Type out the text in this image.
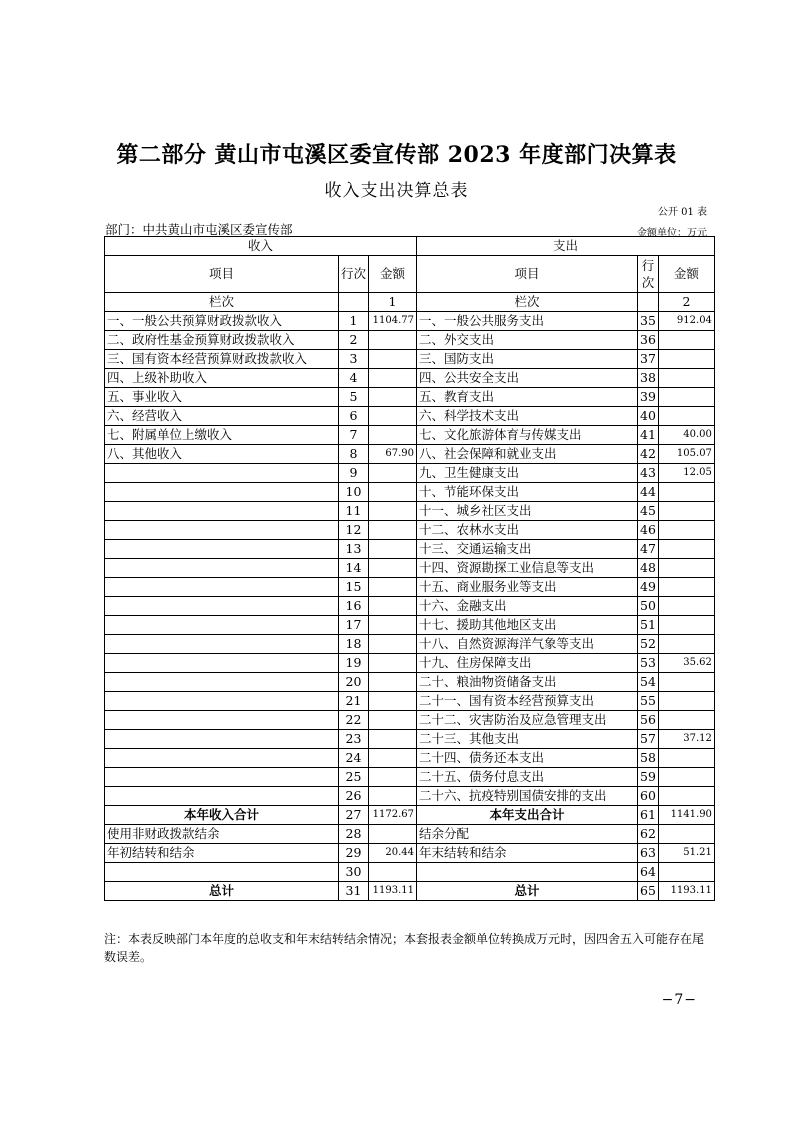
第二部分 黄山市屯溪区委宣传部 2023 年度部门决算表
收入支出决算总表
公开 01 表
部门：中共黄山市屯溪区委宣传部	金额单位：万元
收入			支出		
项目	行次	金额	项目	行次	金额
栏次		1	栏次		2
一、一般公共预算财政拨款收入	1	1104.77	一、一般公共服务支出	35	912.04
二、政府性基金预算财政拨款收入	2		二、外交支出	36	
三、国有资本经营预算财政拨款收入	3		三、国防支出	37	
四、上级补助收入	4		四、公共安全支出	38	
五、事业收入	5		五、教育支出	39	
六、经营收入	6		六、科学技术支出	40	
七、附属单位上缴收入	7		七、文化旅游体育与传媒支出	41	40.00
八、其他收入	8	67.90	八、社会保障和就业支出	42	105.07
	9		九、卫生健康支出	43	12.05
	10		十、节能环保支出	44	
	11		十一、城乡社区支出	45	
	12		十二、农林水支出	46	
	13		十三、交通运输支出	47	
	14		十四、资源勘探工业信息等支出	48	
	15		十五、商业服务业等支出	49	
	16		十六、金融支出	50	
	17		十七、援助其他地区支出	51	
	18		十八、自然资源海洋气象等支出	52	
	19		十九、住房保障支出	53	35.62
	20		二十、粮油物资储备支出	54	
	21		二十一、国有资本经营预算支出	55	
	22		二十二、灾害防治及应急管理支出	56	
	23		二十三、其他支出	57	37.12
	24		二十四、债务还本支出	58	
	25		二十五、债务付息支出	59	
	26		二十六、抗疫特别国债安排的支出	60	
本年收入合计	27	1172.67	本年支出合计	61	1141.90
使用非财政拨款结余	28		结余分配	62	
年初结转和结余	29	20.44	年末结转和结余	63	51.21
	30			64	
总计	31	1193.11	总计	65	1193.11
注：本表反映部门本年度的总收支和年末结转结余情况；本套报表金额单位转换成万元时，因四舍五入可能存在尾数误差。
−7−
